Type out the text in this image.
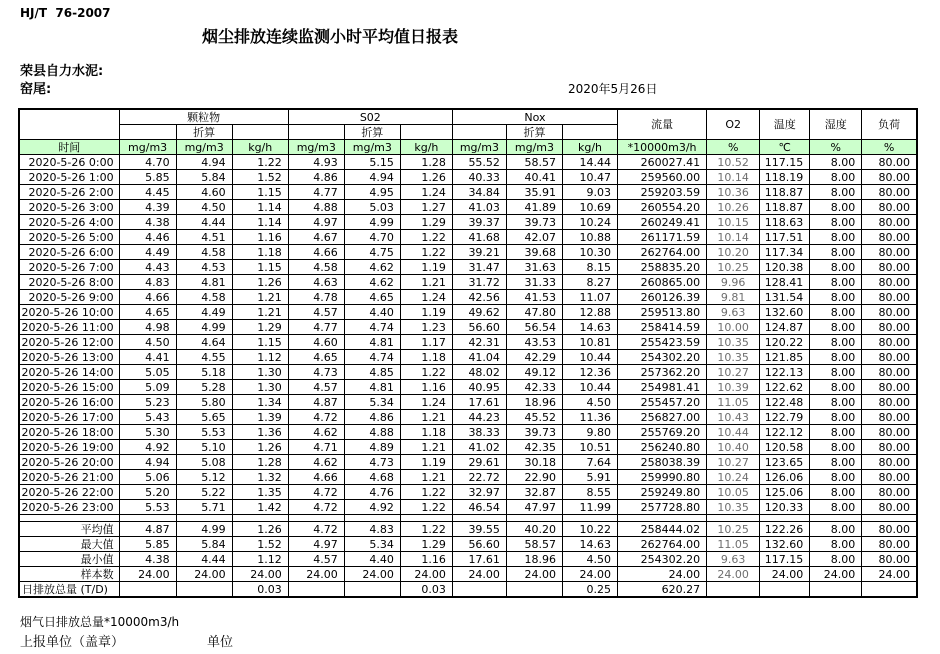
HJ/T  76-2007
烟尘排放连续监测小时平均值日报表
荣县自力水泥:
窑尾:	2020年5月26日
	颗粒物			S02			Nox			流量	O2	温度	湿度	负荷
		折算			折算			折算						
时间	mg/m3	mg/m3	kg/h	mg/m3	mg/m3	kg/h	mg/m3	mg/m3	kg/h	*10000m3/h	%	℃	%	%
2020-5-26 0:00	4.70	4.94	1.22	4.93	5.15	1.28	55.52	58.57	14.44	260027.41	10.52	117.15	8.00	80.00
2020-5-26 1:00	5.85	5.84	1.52	4.86	4.94	1.26	40.33	40.41	10.47	259560.00	10.14	118.19	8.00	80.00
2020-5-26 2:00	4.45	4.60	1.15	4.77	4.95	1.24	34.84	35.91	9.03	259203.59	10.36	118.87	8.00	80.00
2020-5-26 3:00	4.39	4.50	1.14	4.88	5.03	1.27	41.03	41.89	10.69	260554.20	10.26	118.87	8.00	80.00
2020-5-26 4:00	4.38	4.44	1.14	4.97	4.99	1.29	39.37	39.73	10.24	260249.41	10.15	118.63	8.00	80.00
2020-5-26 5:00	4.46	4.51	1.16	4.67	4.70	1.22	41.68	42.07	10.88	261171.59	10.14	117.51	8.00	80.00
2020-5-26 6:00	4.49	4.58	1.18	4.66	4.75	1.22	39.21	39.68	10.30	262764.00	10.20	117.34	8.00	80.00
2020-5-26 7:00	4.43	4.53	1.15	4.58	4.62	1.19	31.47	31.63	8.15	258835.20	10.25	120.38	8.00	80.00
2020-5-26 8:00	4.83	4.81	1.26	4.63	4.62	1.21	31.72	31.33	8.27	260865.00	9.96	128.41	8.00	80.00
2020-5-26 9:00	4.66	4.58	1.21	4.78	4.65	1.24	42.56	41.53	11.07	260126.39	9.81	131.54	8.00	80.00
2020-5-26 10:00	4.65	4.49	1.21	4.57	4.40	1.19	49.62	47.80	12.88	259513.80	9.63	132.60	8.00	80.00
2020-5-26 11:00	4.98	4.99	1.29	4.77	4.74	1.23	56.60	56.54	14.63	258414.59	10.00	124.87	8.00	80.00
2020-5-26 12:00	4.50	4.64	1.15	4.60	4.81	1.17	42.31	43.53	10.81	255423.59	10.35	120.22	8.00	80.00
2020-5-26 13:00	4.41	4.55	1.12	4.65	4.74	1.18	41.04	42.29	10.44	254302.20	10.35	121.85	8.00	80.00
2020-5-26 14:00	5.05	5.18	1.30	4.73	4.85	1.22	48.02	49.12	12.36	257362.20	10.27	122.13	8.00	80.00
2020-5-26 15:00	5.09	5.28	1.30	4.57	4.81	1.16	40.95	42.33	10.44	254981.41	10.39	122.62	8.00	80.00
2020-5-26 16:00	5.23	5.80	1.34	4.87	5.34	1.24	17.61	18.96	4.50	255457.20	11.05	122.48	8.00	80.00
2020-5-26 17:00	5.43	5.65	1.39	4.72	4.86	1.21	44.23	45.52	11.36	256827.00	10.43	122.79	8.00	80.00
2020-5-26 18:00	5.30	5.53	1.36	4.62	4.88	1.18	38.33	39.73	9.80	255769.20	10.44	122.12	8.00	80.00
2020-5-26 19:00	4.92	5.10	1.26	4.71	4.89	1.21	41.02	42.35	10.51	256240.80	10.40	120.58	8.00	80.00
2020-5-26 20:00	4.94	5.08	1.28	4.62	4.73	1.19	29.61	30.18	7.64	258038.39	10.27	123.65	8.00	80.00
2020-5-26 21:00	5.06	5.12	1.32	4.66	4.68	1.21	22.72	22.90	5.91	259990.80	10.24	126.06	8.00	80.00
2020-5-26 22:00	5.20	5.22	1.35	4.72	4.76	1.22	32.97	32.87	8.55	259249.80	10.05	125.06	8.00	80.00
2020-5-26 23:00	5.53	5.71	1.42	4.72	4.92	1.22	46.54	47.97	11.99	257728.80	10.35	120.33	8.00	80.00

平均值	4.87	4.99	1.26	4.72	4.83	1.22	39.55	40.20	10.22	258444.02	10.25	122.26	8.00	80.00
最大值	5.85	5.84	1.52	4.97	5.34	1.29	56.60	58.57	14.63	262764.00	11.05	132.60	8.00	80.00
最小值	4.38	4.44	1.12	4.57	4.40	1.16	17.61	18.96	4.50	254302.20	9.63	117.15	8.00	80.00
样本数	24.00	24.00	24.00	24.00	24.00	24.00	24.00	24.00	24.00	24.00	24.00	24.00	24.00	24.00
日排放总量 (T/D)			0.03			0.03			0.25	620.27				
烟气日排放总量*10000m3/h
上报单位（盖章）	单位
